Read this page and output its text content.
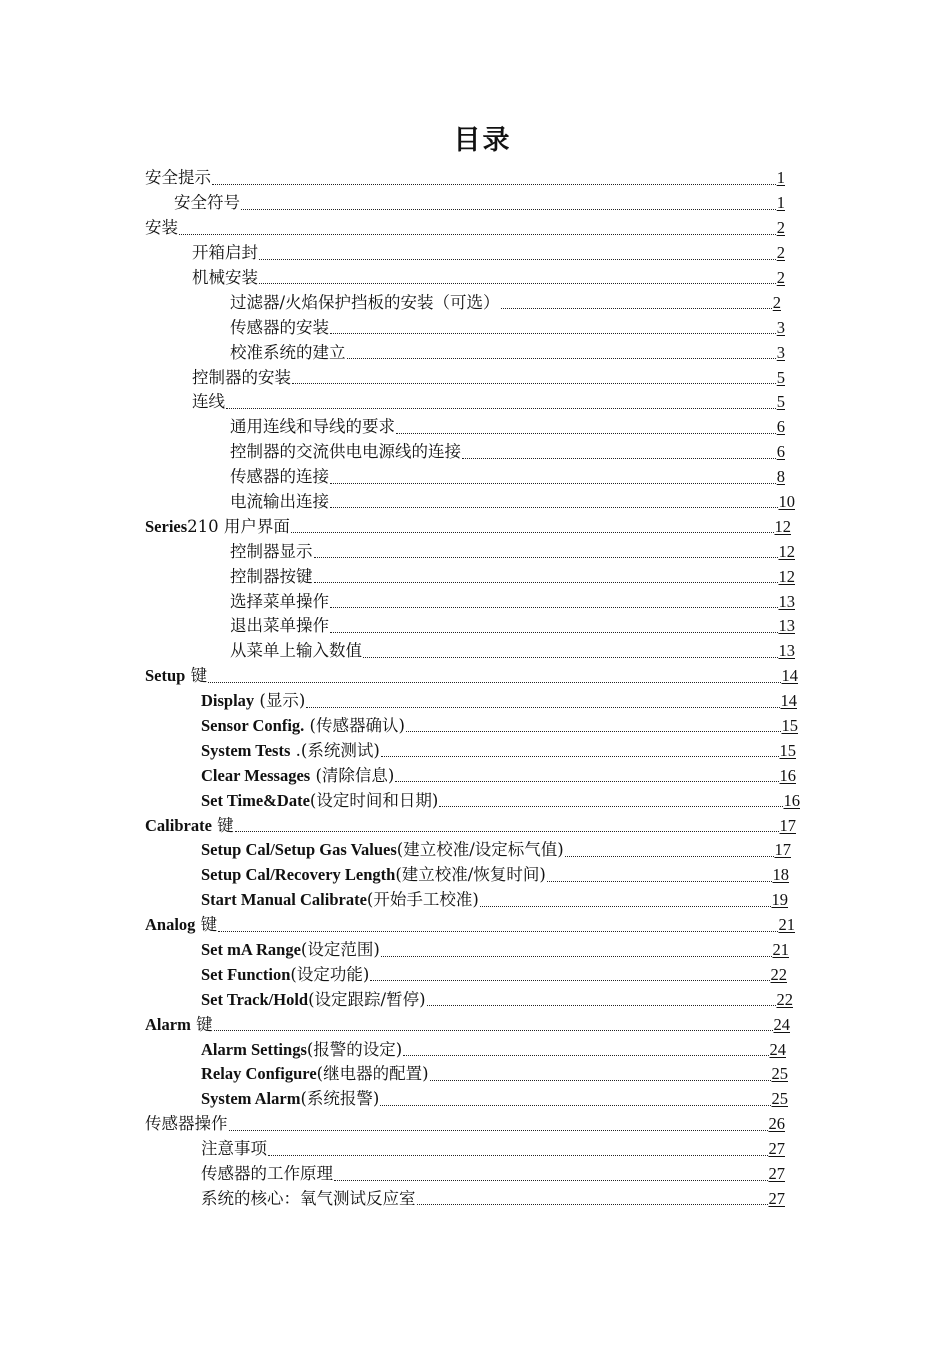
目录
安全提示	1
安全符号	1
安装	2
开箱启封	2
机械安装	2
过滤器/火焰保护挡板的安装（可选）	2
传感器的安装	3
校准系统的建立	3
控制器的安装	5
连线	5
通用连线和导线的要求	6
控制器的交流供电电源线的连接	6
传感器的连接	8
电流输出连接	10
Series210 用户界面	12
控制器显示	12
控制器按键	12
选择菜单操作	13
退出菜单操作	13
从菜单上输入数值	13
Setup 键	14
Display (显示)	14
Sensor Config. (传感器确认)	15
System Tests .(系统测试)	15
Clear Messages (清除信息)	16
Set Time&Date(设定时间和日期)	16
Calibrate 键	17
Setup Cal/Setup Gas Values(建立校准/设定标气值)	17
Setup Cal/Recovery Length(建立校准/恢复时间)	18
Start Manual Calibrate(开始手工校准)	19
Analog 键	21
Set mA Range(设定范围)	21
Set Function(设定功能)	22
Set Track/Hold(设定跟踪/暂停)	22
Alarm 键	24
Alarm Settings(报警的设定)	24
Relay Configure(继电器的配置)	25
System Alarm(系统报警)	25
传感器操作	26
注意事项	27
传感器的工作原理	27
系统的核心：氧气测试反应室	27
